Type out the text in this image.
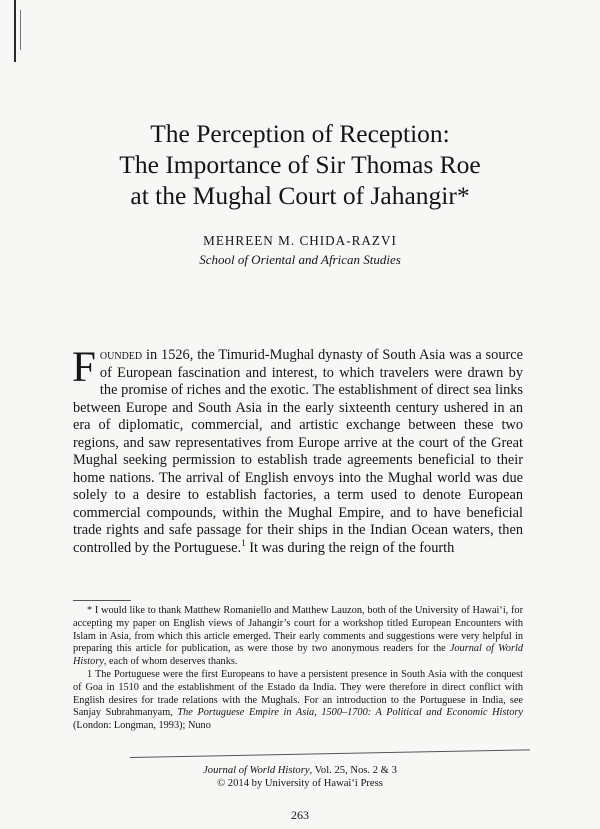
The Perception of Reception:
The Importance of Sir Thomas Roe
at the Mughal Court of Jahangir*
MEHREEN M. CHIDA-RAZVI
School of Oriental and African Studies

Founded in 1526, the Timurid-Mughal dynasty of South Asia was a source of European fascination and interest, to which travelers were drawn by the promise of riches and the exotic. The establishment of direct sea links between Europe and South Asia in the early sixteenth century ushered in an era of diplomatic, commercial, and artistic exchange between these two regions, and saw representatives from Europe arrive at the court of the Great Mughal seeking permission to establish trade agreements beneficial to their home nations. The arrival of English envoys into the Mughal world was due solely to a desire to establish factories, a term used to denote European commercial compounds, within the Mughal Empire, and to have beneficial trade rights and safe passage for their ships in the Indian Ocean waters, then controlled by the Portuguese.$^1$ It was during the reign of the fourth

* I would like to thank Matthew Romaniello and Matthew Lauzon, both of the University of Hawai‘i, for accepting my paper on English views of Jahangir’s court for a workshop titled European Encounters with Islam in Asia, from which this article emerged. Their early comments and suggestions were very helpful in preparing this article for publication, as were those by two anonymous readers for the Journal of World History, each of whom deserves thanks.

1 The Portuguese were the first Europeans to have a persistent presence in South Asia with the conquest of Goa in 1510 and the establishment of the Estado da India. They were therefore in direct conflict with English desires for trade relations with the Mughals. For an introduction to the Portuguese in India, see Sanjay Subrahmanyam, The Portuguese Empire in Asia, 1500–1700: A Political and Economic History (London: Longman, 1993); Nuno

Journal of World History, Vol. 25, Nos. 2 & 3
© 2014 by University of Hawai‘i Press
263
